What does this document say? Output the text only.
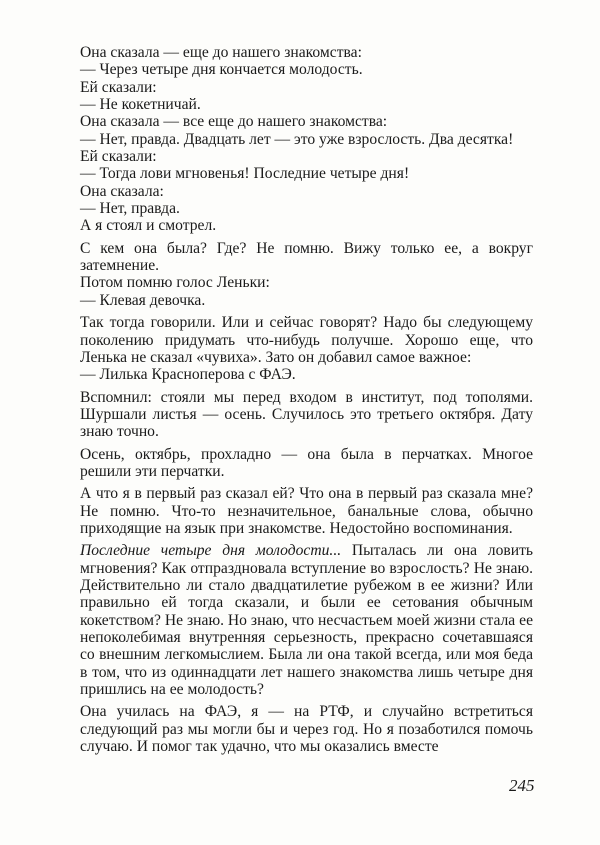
Она сказала — еще до нашего знакомства:

— Через четыре дня кончается молодость.

Ей сказали:

— Не кокетничай.

Она сказала — все еще до нашего знакомства:

— Нет, правда. Двадцать лет — это уже взрослость. Два десятка!

Ей сказали:

— Тогда лови мгновенья! Последние четыре дня!

Она сказала:

— Нет, правда.

А я стоял и смотрел.

С кем она была? Где? Не помню. Вижу только ее, а вокруг затемнение.

Потом помню голос Леньки:

— Клевая девочка.

Так тогда говорили. Или и сейчас говорят? Надо бы следующему поколению придумать что-нибудь получше. Хорошо еще, что Ленька не сказал «чувиха». Зато он добавил самое важное:

— Лилька Красноперова с ФАЭ.

Вспомнил: стояли мы перед входом в институт, под тополями. Шуршали листья — осень. Случилось это третьего октября. Дату знаю точно.

Осень, октябрь, прохладно — она была в перчатках. Многое решили эти перчатки.

А что я в первый раз сказал ей? Что она в первый раз сказала мне? Не помню. Что-то незначительное, банальные слова, обычно приходящие на язык при знакомстве. Недостойно воспоминания.

Последние четыре дня молодости... Пыталась ли она ловить мгновения? Как отпраздновала вступление во взрослость? Не знаю. Действительно ли стало двадцатилетие рубежом в ее жизни? Или правильно ей тогда сказали, и были ее сетования обычным кокетством? Не знаю. Но знаю, что несчастьем моей жизни стала ее непоколебимая внутренняя серьезность, прекрасно сочетавшаяся со внешним легкомыслием. Была ли она такой всегда, или моя беда в том, что из одиннадцати лет нашего знакомства лишь четыре дня пришлись на ее молодость?

Она училась на ФАЭ, я — на РТФ, и случайно встретиться следующий раз мы могли бы и через год. Но я позаботился помочь случаю. И помог так удачно, что мы оказались вместе

245
